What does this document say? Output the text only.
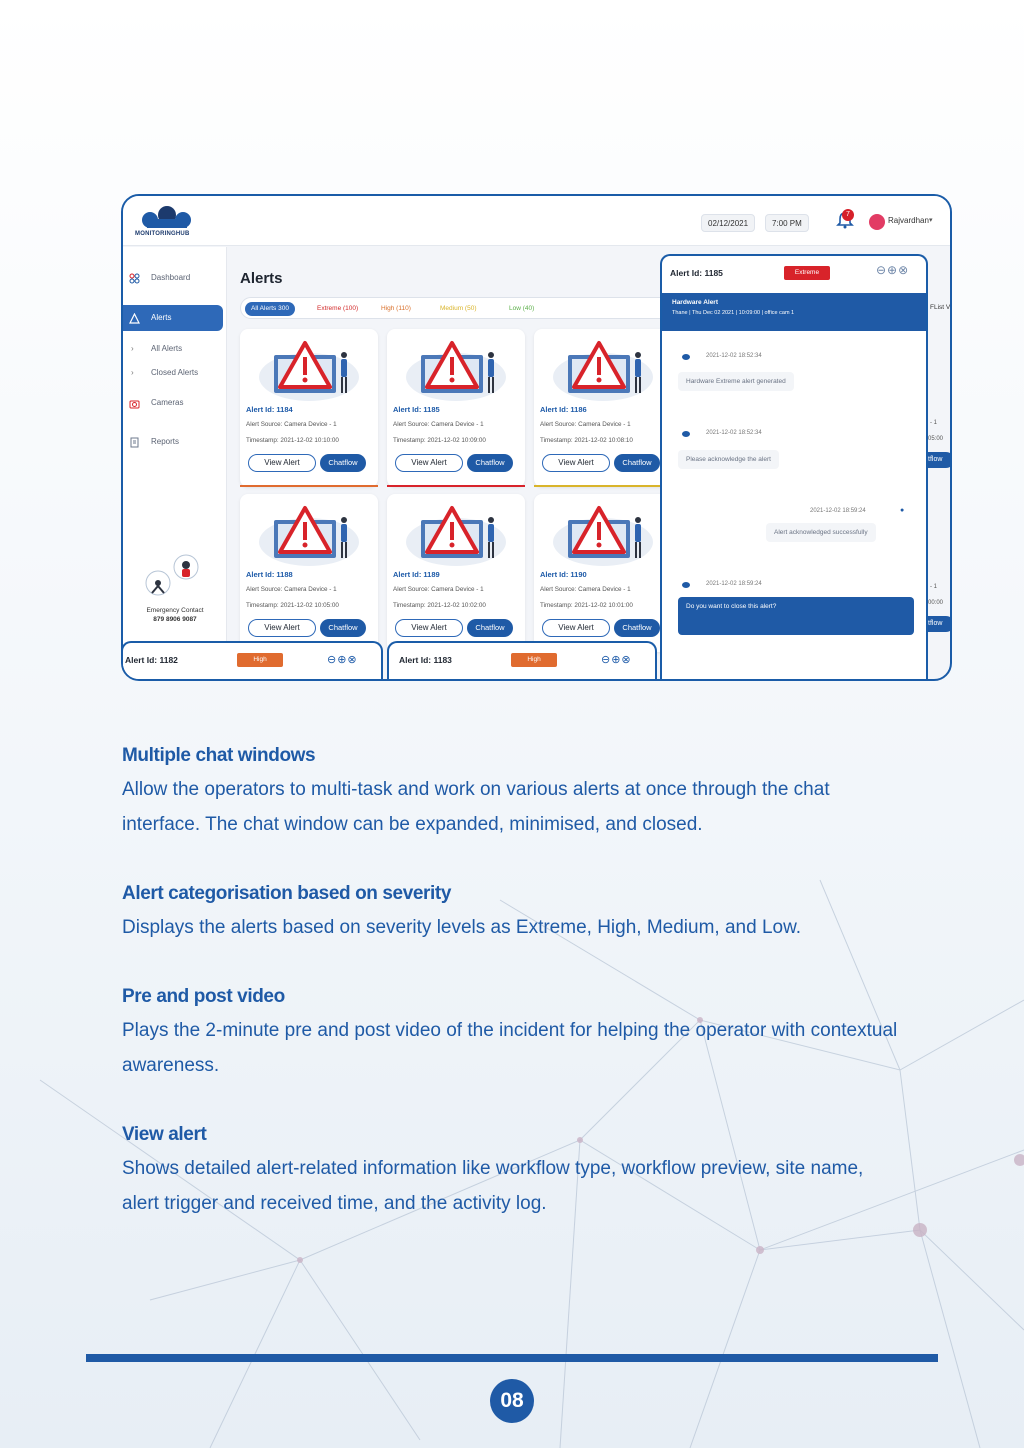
MONITORINGHUB
02/12/2021	7:00 PM
7
Rajvardhan ▾
Dashboard
Alerts
› All Alerts
› Closed Alerts
Cameras
Reports
Emergency Contact
879 8906 9087
Alerts
All Alerts 300	Extreme (100)	High (110)	Medium (50)	Low (40)
Alert Id: 1184
Alert Source: Camera Device - 1
Timestamp: 2021-12-02 10:10:00
View Alert	Chatflow
Alert Id: 1185
Alert Source: Camera Device - 1
Timestamp: 2021-12-02 10:09:00
View Alert	Chatflow
Alert Id: 1186
Alert Source: Camera Device - 1
Timestamp: 2021-12-02 10:08:10
View Alert	Chatflow
Alert Id: 1188
Alert Source: Camera Device - 1
Timestamp: 2021-12-02 10:05:00
View Alert	Chatflow
Alert Id: 1189
Alert Source: Camera Device - 1
Timestamp: 2021-12-02 10:02:00
View Alert	Chatflow
Alert Id: 1190
Alert Source: Camera Device - 1
Timestamp: 2021-12-02 10:01:00
View Alert	Chatflow
FList V
- 1
05:00
tflow
- 1
00:00
tflow
Alert Id: 1182	High	⊖⊕⊗	Alert Id: 1183	High	⊖⊕⊗
Alert Id: 1185	Extreme	⊖⊕⊗
Hardware Alert
Thane | Thu Dec 02 2021 | 10:09:00 | office cam 1
2021-12-02 18:52:34
Hardware Extreme alert generated
2021-12-02 18:52:34
Please acknowledge the alert
2021-12-02 18:59:24	●
Alert acknowledged successfully
2021-12-02 18:59:24
Do you want to close this alert?
Multiple chat windows
Allow the operators to multi-task and work on various alerts at once through the chat interface. The chat window can be expanded, minimised, and closed.
Alert categorisation based on severity
Displays the alerts based on severity levels as Extreme, High, Medium, and Low.
Pre and post video
Plays the 2-minute pre and post video of the incident for helping the operator with contextual awareness.
View alert
Shows detailed alert-related information like workflow type, workflow preview, site name, alert trigger and received time, and the activity log.
08
